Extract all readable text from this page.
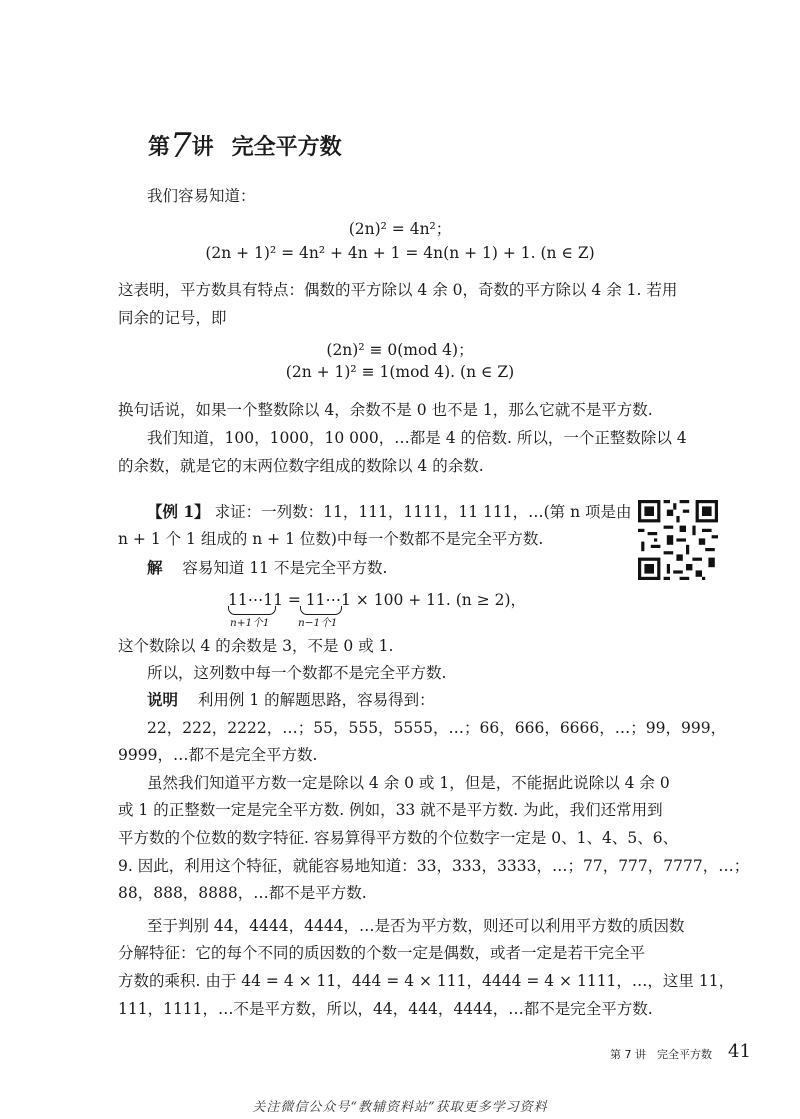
第7讲 完全平方数
我们容易知道：
(2n)² = 4n²；
(2n + 1)² = 4n² + 4n + 1 = 4n(n + 1) + 1. (n ∈ Z)
这表明，平方数具有特点：偶数的平方除以 4 余 0，奇数的平方除以 4 余 1. 若用
同余的记号，即
(2n)² ≡ 0(mod 4)；
(2n + 1)² ≡ 1(mod 4). (n ∈ Z)
换句话说，如果一个整数除以 4，余数不是 0 也不是 1，那么它就不是平方数.
我们知道，100，1000，10 000，…都是 4 的倍数. 所以，一个正整数除以 4
的余数，就是它的末两位数字组成的数除以 4 的余数.
【例 1】 求证：一列数：11，111，1111，11 111，…(第 n 项是由
n + 1 个 1 组成的 n + 1 位数)中每一个数都不是完全平方数.
解 容易知道 11 不是完全平方数.
11⋯11 = 11⋯1 × 100 + 11. (n ≥ 2)，
n+1个1	n−1个1
这个数除以 4 的余数是 3，不是 0 或 1.
所以，这列数中每一个数都不是完全平方数.
说明 利用例 1 的解题思路，容易得到：
22，222，2222，…；55，555，5555，…；66，666，6666，…；99，999，
9999，…都不是完全平方数.
虽然我们知道平方数一定是除以 4 余 0 或 1，但是，不能据此说除以 4 余 0
或 1 的正整数一定是完全平方数. 例如，33 就不是平方数. 为此，我们还常用到
平方数的个位数的数字特征. 容易算得平方数的个位数字一定是 0、1、4、5、6、
9. 因此，利用这个特征，就能容易地知道：33，333，3333，…；77，777，7777，…；
88，888，8888，…都不是平方数.
至于判别 44，4444，4444，…是否为平方数，则还可以利用平方数的质因数
分解特征：它的每个不同的质因数的个数一定是偶数，或者一定是若干完全平
方数的乘积. 由于 44 = 4 × 11，444 = 4 × 111，4444 = 4 × 1111，…，这里 11，
111，1111，…不是平方数，所以，44，444，4444，…都不是完全平方数.
第 7 讲　完全平方数 41
关注微信公众号“教辅资料站”获取更多学习资料
